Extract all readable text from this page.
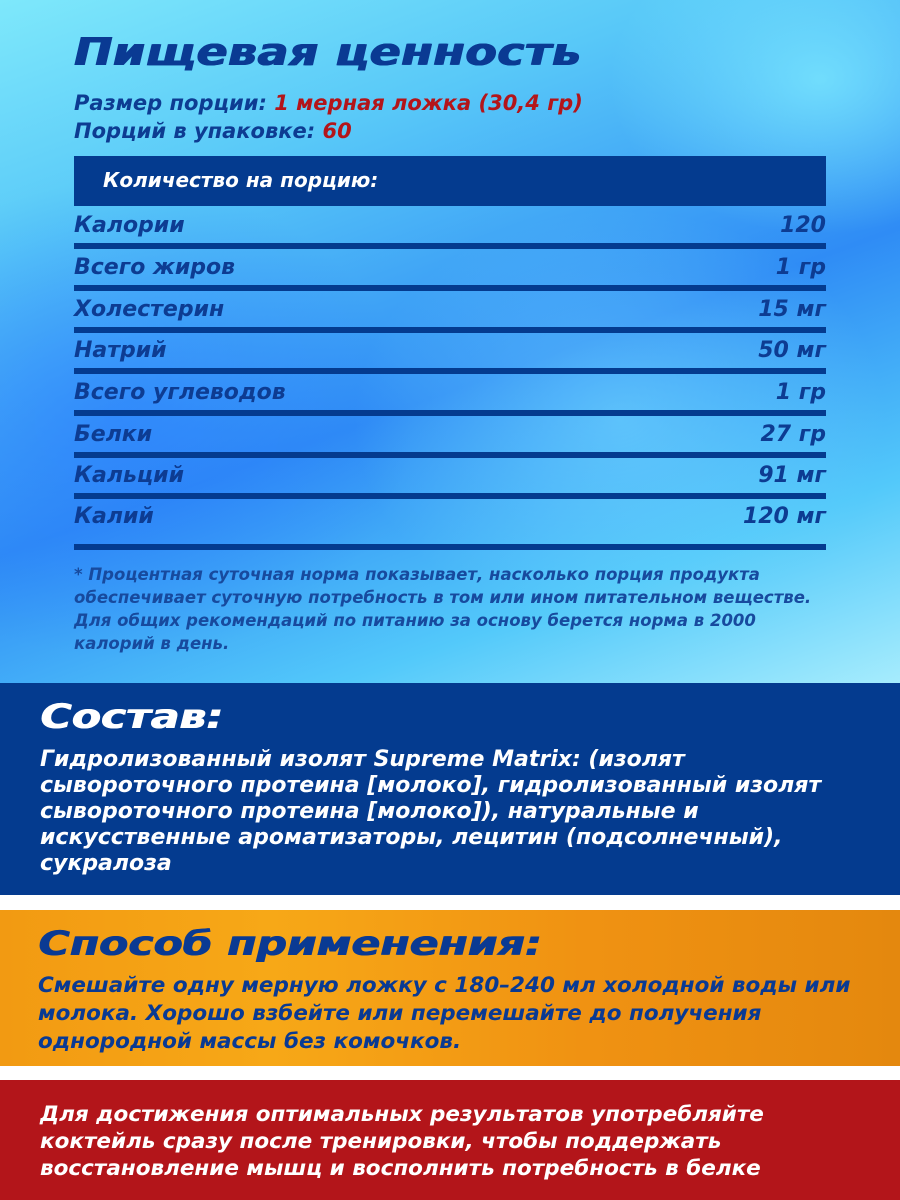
Пищевая ценность
Размер порции: 1 мерная ложка (30,4 гр)
Порций в упаковке: 60
Количество на порцию:
Калории	120
Всего жиров	1 гр
Холестерин	15 мг
Натрий	50 мг
Всего углеводов	1 гр
Белки	27 гр
Кальций	91 мг
Калий	120 мг

* Процентная суточная норма показывает, насколько порция продукта обеспечивает суточную потребность в том или ином питательном веществе. Для общих рекомендаций по питанию за основу берется норма в 2000 калорий в день.

Состав:
Гидролизованный изолят Supreme Matrix: (изолят сывороточного протеина [молоко], гидролизованный изолят сывороточного протеина [молоко]), натуральные и искусственные ароматизаторы, лецитин (подсолнечный), сукралоза
Способ применения:
Смешайте одну мерную ложку с 180–240 мл холодной воды или молока. Хорошо взбейте или перемешайте до получения однородной массы без комочков.
Для достижения оптимальных результатов употребляйте коктейль сразу после тренировки, чтобы поддержать восстановление мышц и восполнить потребность в белке
